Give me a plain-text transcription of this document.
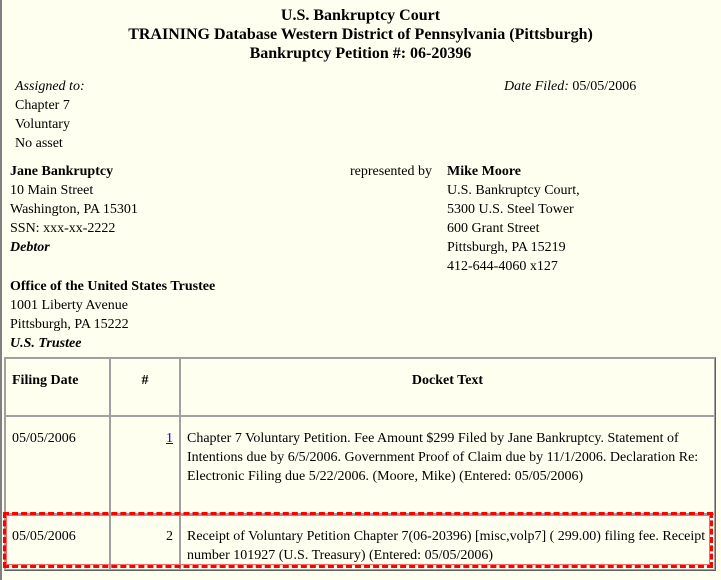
U.S. Bankruptcy Court
TRAINING Database Western District of Pennsylvania (Pittsburgh)
Bankruptcy Petition #: 06-20396
Assigned to:
Chapter 7
Voluntary
No asset
Date Filed: 05/05/2006
Jane Bankruptcy
10 Main Street
Washington, PA 15301
SSN: xxx-xx-2222
Debtor
represented by Mike Moore
U.S. Bankruptcy Court,
5300 U.S. Steel Tower
600 Grant Street
Pittsburgh, PA 15219
412-644-4060 x127
Office of the United States Trustee
1001 Liberty Avenue
Pittsburgh, PA 15222
U.S. Trustee
Filing Date	#	Docket Text
05/05/2006	1	Chapter 7 Voluntary Petition. Fee Amount $299 Filed by Jane Bankruptcy. Statement of Intentions due by 6/5/2006. Government Proof of Claim due by 11/1/2006. Declaration Re: Electronic Filing due 5/22/2006. (Moore, Mike) (Entered: 05/05/2006)
05/05/2006	2	Receipt of Voluntary Petition Chapter 7(06-20396) [misc,volp7] ( 299.00) filing fee. Receipt number 101927 (U.S. Treasury) (Entered: 05/05/2006)
